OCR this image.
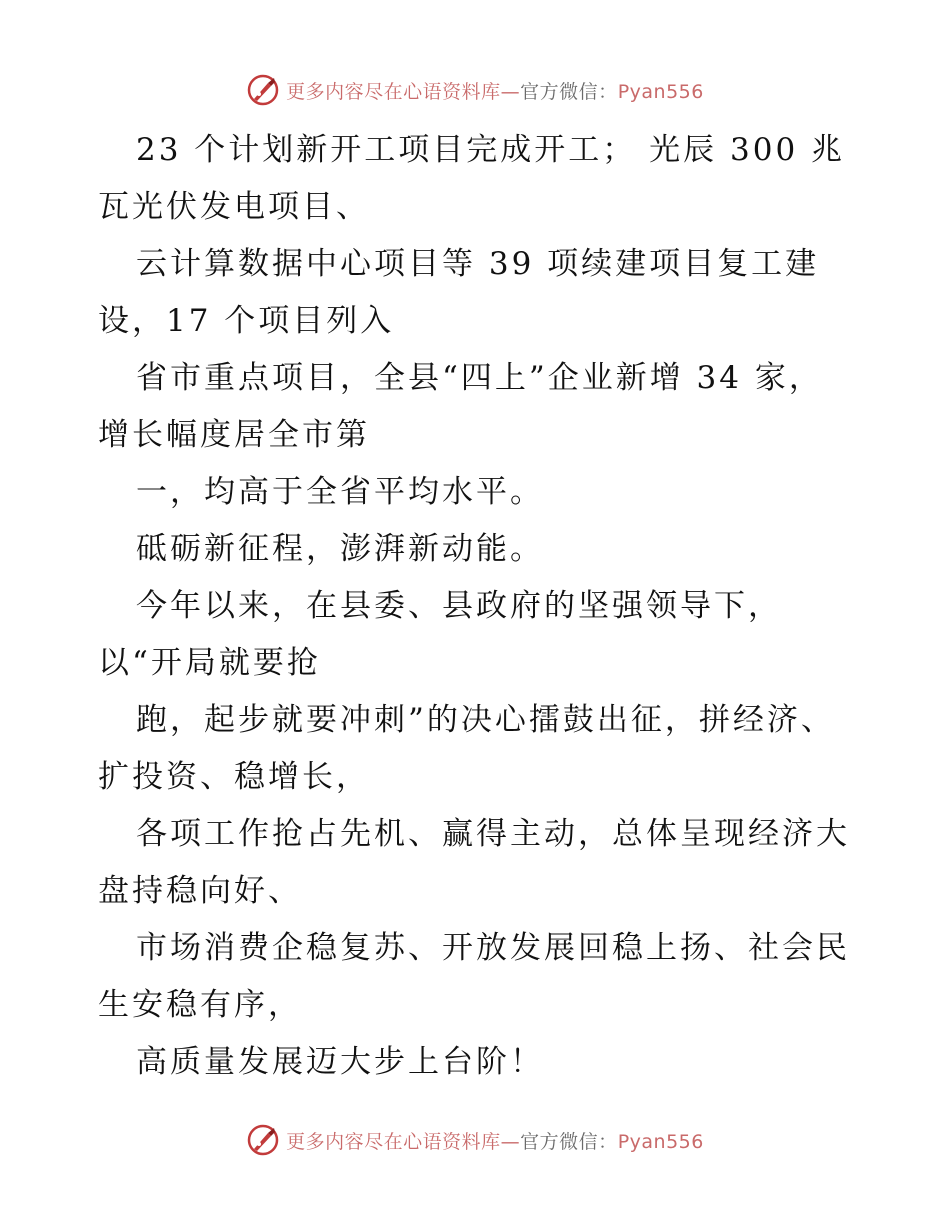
更多内容尽在心语资料库—官方微信：Pyan556
23 个计划新开工项目完成开工； 光辰 300 兆
瓦光伏发电项目、
云计算数据中心项目等 39 项续建项目复工建
设，17 个项目列入
省市重点项目，全县“四上”企业新增 34 家，
增长幅度居全市第
一，均高于全省平均水平。
砥砺新征程，澎湃新动能。
今年以来，在县委、县政府的坚强领导下，
以“开局就要抢
跑，起步就要冲刺”的决心擂鼓出征，拼经济、
扩投资、稳增长，
各项工作抢占先机、赢得主动，总体呈现经济大
盘持稳向好、
市场消费企稳复苏、开放发展回稳上扬、社会民
生安稳有序，
高质量发展迈大步上台阶！
更多内容尽在心语资料库—官方微信：Pyan556
